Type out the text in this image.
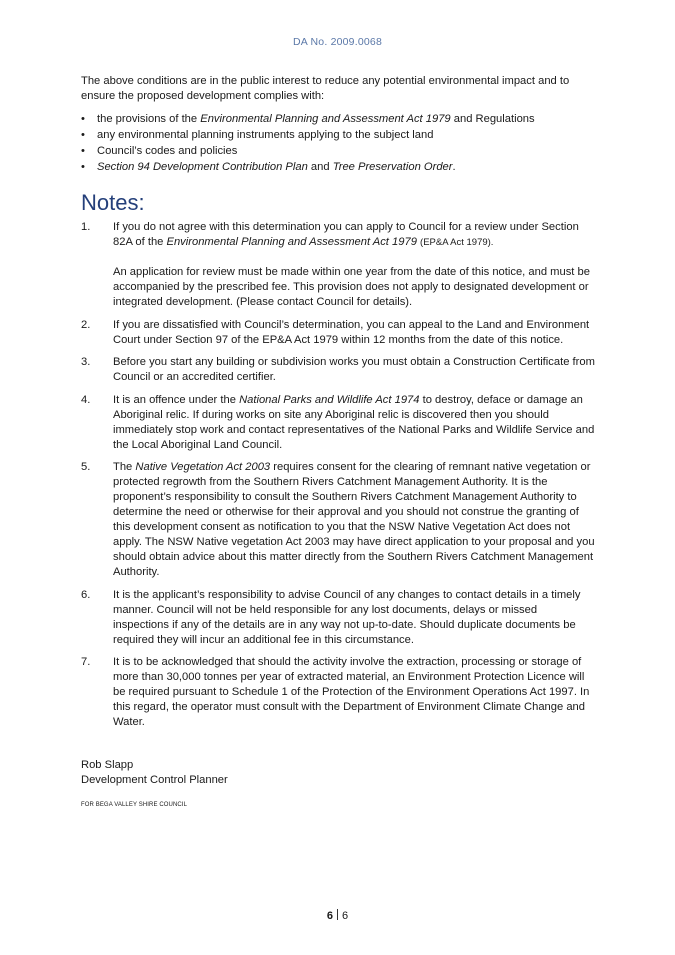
DA No. 2009.0068

The above conditions are in the public interest to reduce any potential environmental impact and to ensure the proposed development complies with:

• the provisions of the Environmental Planning and Assessment Act 1979 and Regulations
• any environmental planning instruments applying to the subject land
• Council’s codes and policies
• Section 94 Development Contribution Plan and Tree Preservation Order.
Notes:
1. If you do not agree with this determination you can apply to Council for a review under Section 82A of the Environmental Planning and Assessment Act 1979 (EP&A Act 1979).

An application for review must be made within one year from the date of this notice, and must be accompanied by the prescribed fee. This provision does not apply to designated development or integrated development. (Please contact Council for details).

2. If you are dissatisfied with Council’s determination, you can appeal to the Land and Environment Court under Section 97 of the EP&A Act 1979 within 12 months from the date of this notice.

3. Before you start any building or subdivision works you must obtain a Construction Certificate from Council or an accredited certifier.

4. It is an offence under the National Parks and Wildlife Act 1974 to destroy, deface or damage an Aboriginal relic. If during works on site any Aboriginal relic is discovered then you should immediately stop work and contact representatives of the National Parks and Wildlife Service and the Local Aboriginal Land Council.

5. The Native Vegetation Act 2003 requires consent for the clearing of remnant native vegetation or protected regrowth from the Southern Rivers Catchment Management Authority. It is the proponent’s responsibility to consult the Southern Rivers Catchment Management Authority to determine the need or otherwise for their approval and you should not construe the granting of this development consent as notification to you that the NSW Native Vegetation Act does not apply. The NSW Native vegetation Act 2003 may have direct application to your proposal and you should obtain advice about this matter directly from the Southern Rivers Catchment Management Authority.

6. It is the applicant’s responsibility to advise Council of any changes to contact details in a timely manner. Council will not be held responsible for any lost documents, delays or missed inspections if any of the details are in any way not up-to-date. Should duplicate documents be required they will incur an additional fee in this circumstance.

7. It is to be acknowledged that should the activity involve the extraction, processing or storage of more than 30,000 tonnes per year of extracted material, an Environment Protection Licence will be required pursuant to Schedule 1 of the Protection of the Environment Operations Act 1997. In this regard, the operator must consult with the Department of Environment Climate Change and Water.

Rob Slapp

Development Control Planner

FOR BEGA VALLEY SHIRE COUNCIL

6 6
